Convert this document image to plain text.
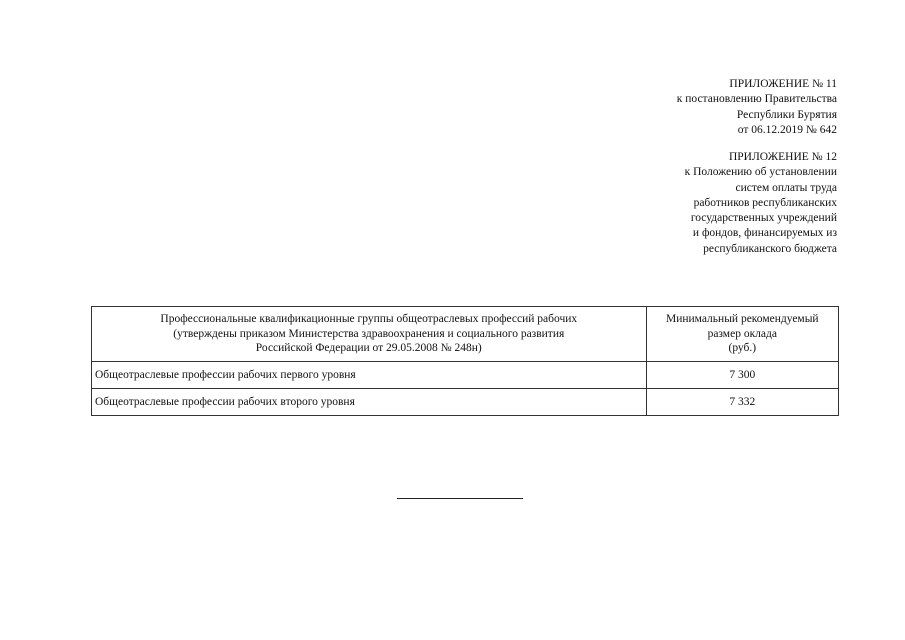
ПРИЛОЖЕНИЕ № 11
к постановлению Правительства
Республики Бурятия
от 06.12.2019 № 642
ПРИЛОЖЕНИЕ № 12
к Положению об установлении
систем оплаты труда
работников республиканских
государственных учреждений
и фондов, финансируемых из
республиканского бюджета
Профессиональные квалификационные группы общеотраслевых профессий рабочих
(утверждены приказом Министерства здравоохранения и социального развития
Российской Федерации от 29.05.2008 № 248н)	Минимальный рекомендуемый
размер оклада
(руб.)

Общеотраслевые профессии рабочих первого уровня	7 300
Общеотраслевые профессии рабочих второго уровня	7 332
